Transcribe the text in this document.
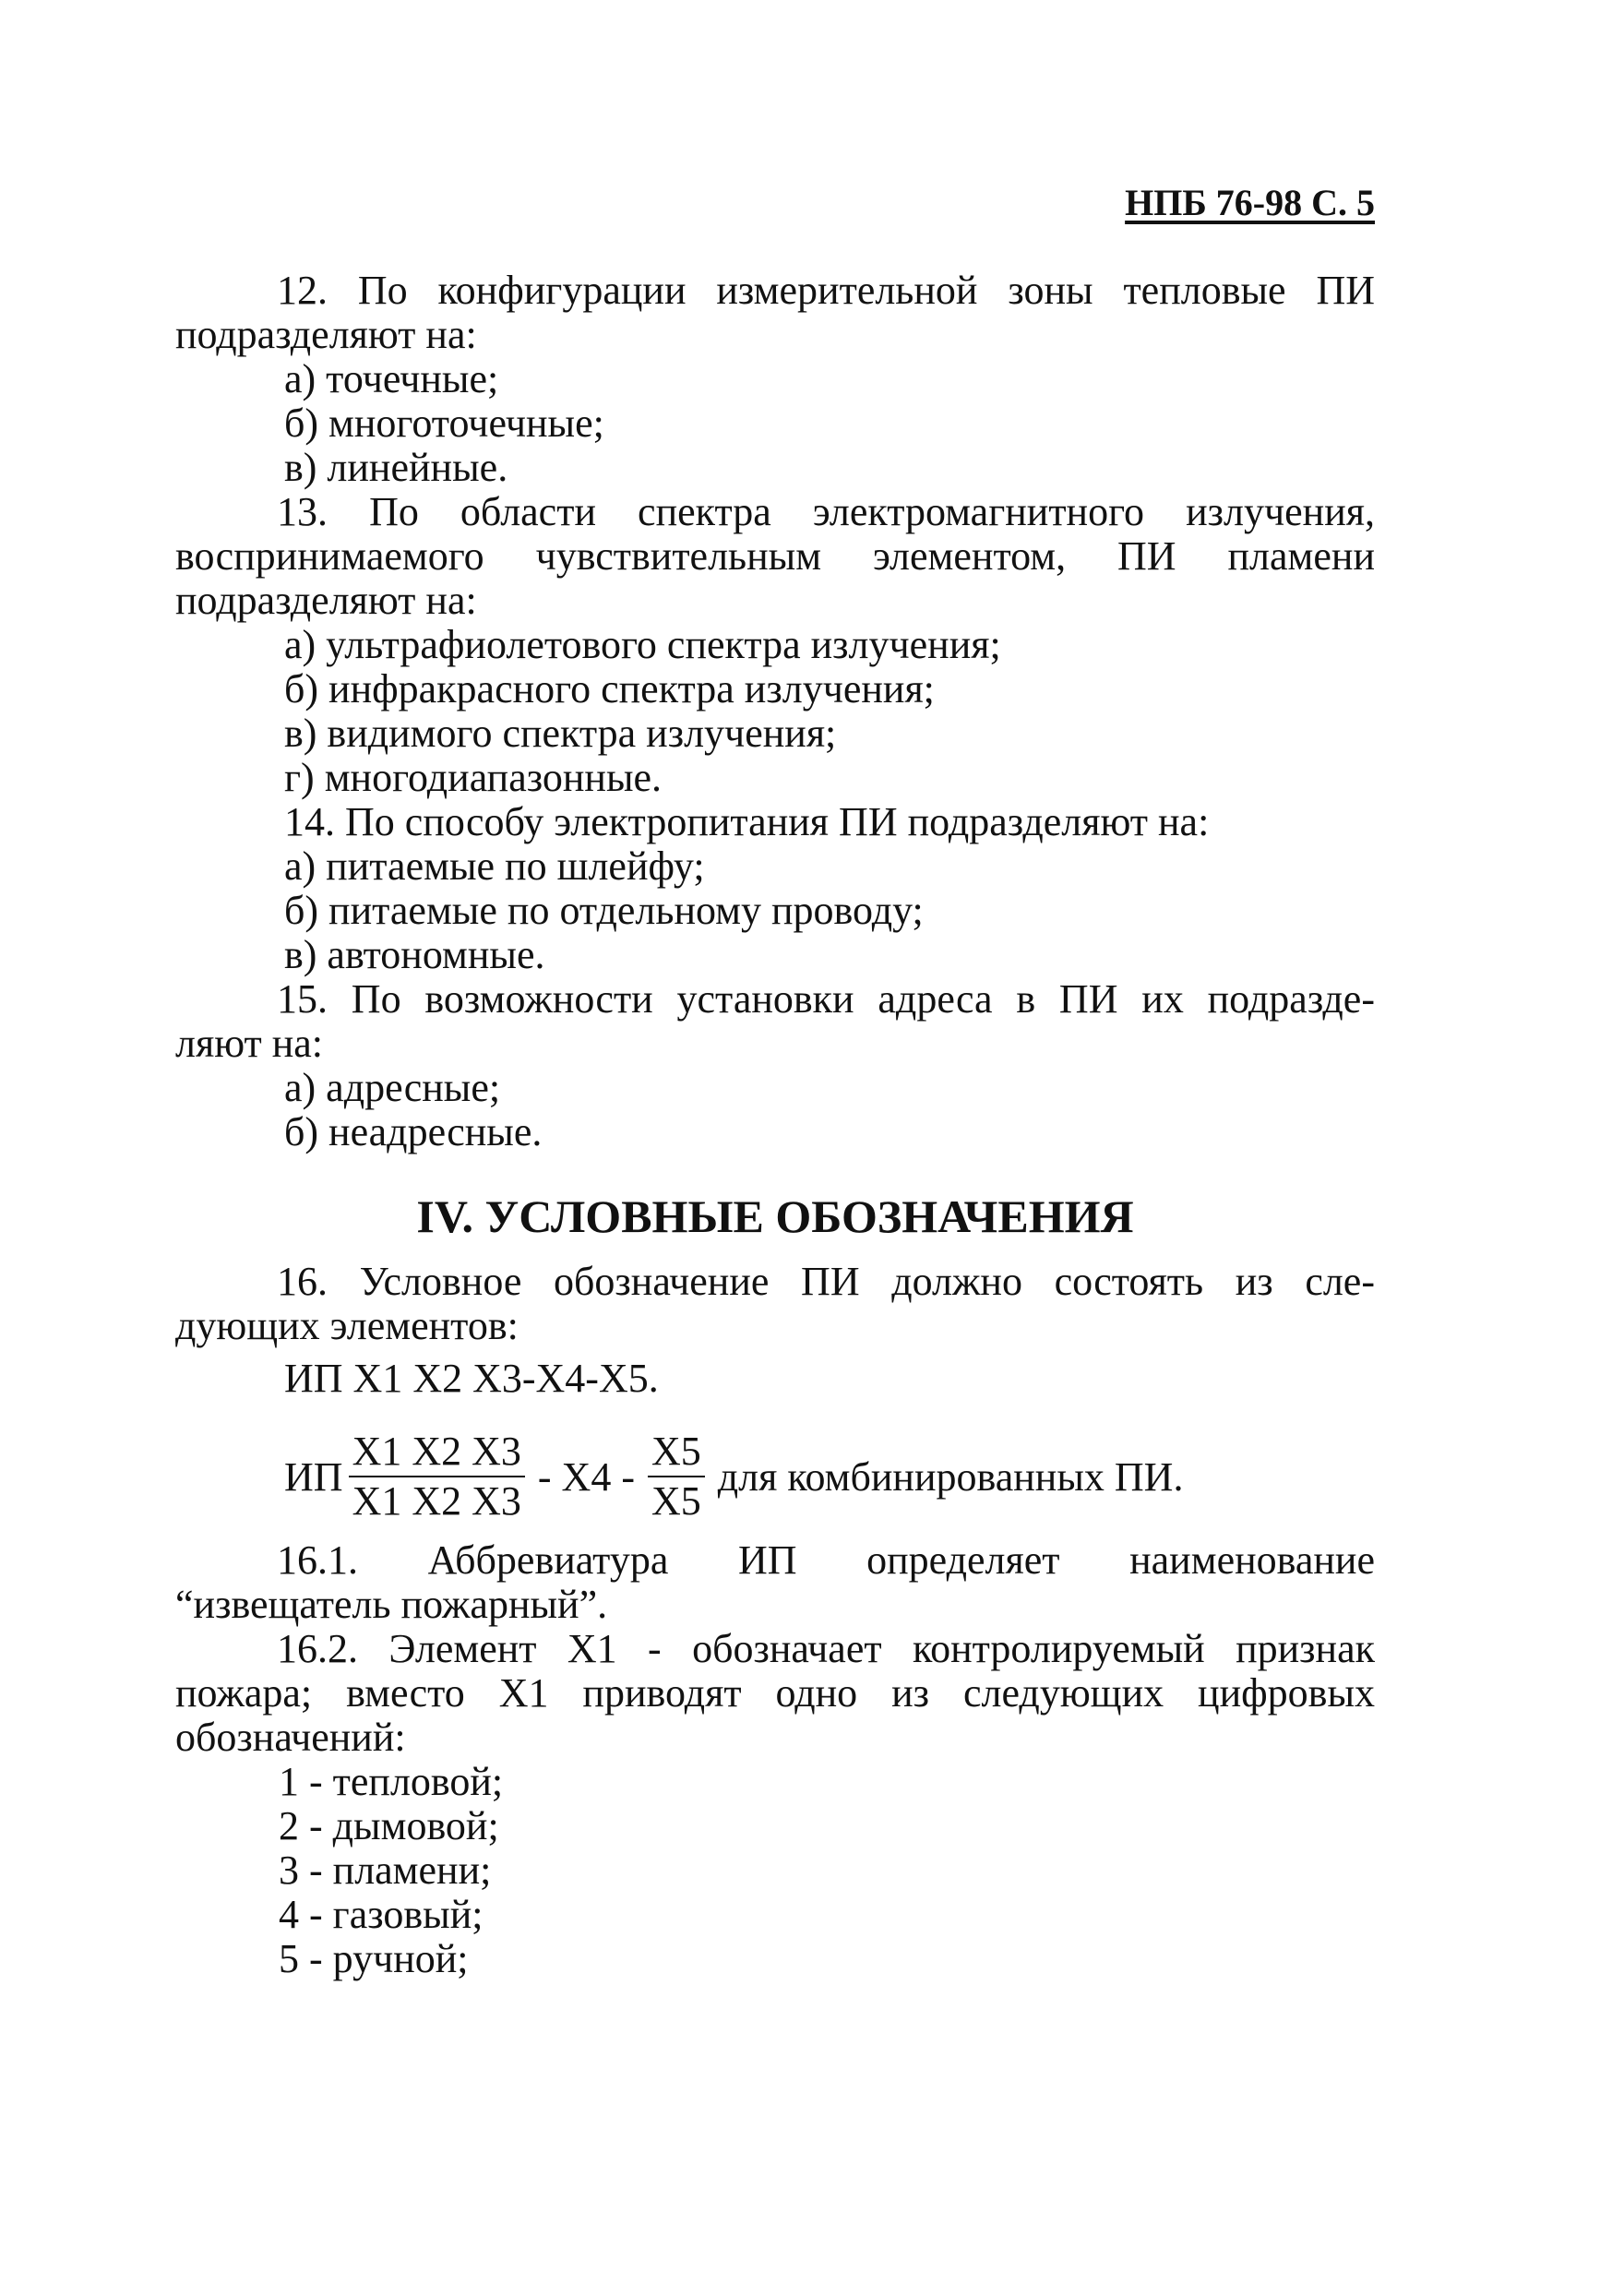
НПБ 76-98 С. 5
12. По конфигурации измерительной зоны тепловые ПИ
подразделяют на:
а) точечные;
б) многоточечные;
в) линейные.
13. По области спектра электромагнитного излучения,
воспринимаемого чувствительным элементом, ПИ пламени
подразделяют на:
а) ультрафиолетового спектра излучения;
б) инфракрасного спектра излучения;
в) видимого спектра излучения;
г) многодиапазонные.
14. По способу электропитания ПИ подразделяют на:
а) питаемые по шлейфу;
б) питаемые по отдельному проводу;
в) автономные.
15. По возможности установки адреса в ПИ их подразде-
ляют на:
а) адресные;
б) неадресные.
IV. УСЛОВНЫЕ ОБОЗНАЧЕНИЯ
16. Условное обозначение ПИ должно состоять из сле-
дующих элементов:
ИП Х1 Х2 Х3-Х4-Х5.
ИП $\frac{Х1 Х2 Х3}{Х1 Х2 Х3} - Х4 - \frac{Х5}{Х5}$ для комбинированных ПИ.
16.1. Аббревиатура ИП определяет наименование
“извещатель пожарный”.
16.2. Элемент Х1 - обозначает контролируемый признак
пожара; вместо Х1 приводят одно из следующих цифровых
обозначений:
1 - тепловой;
2 - дымовой;
3 - пламени;
4 - газовый;
5 - ручной;
